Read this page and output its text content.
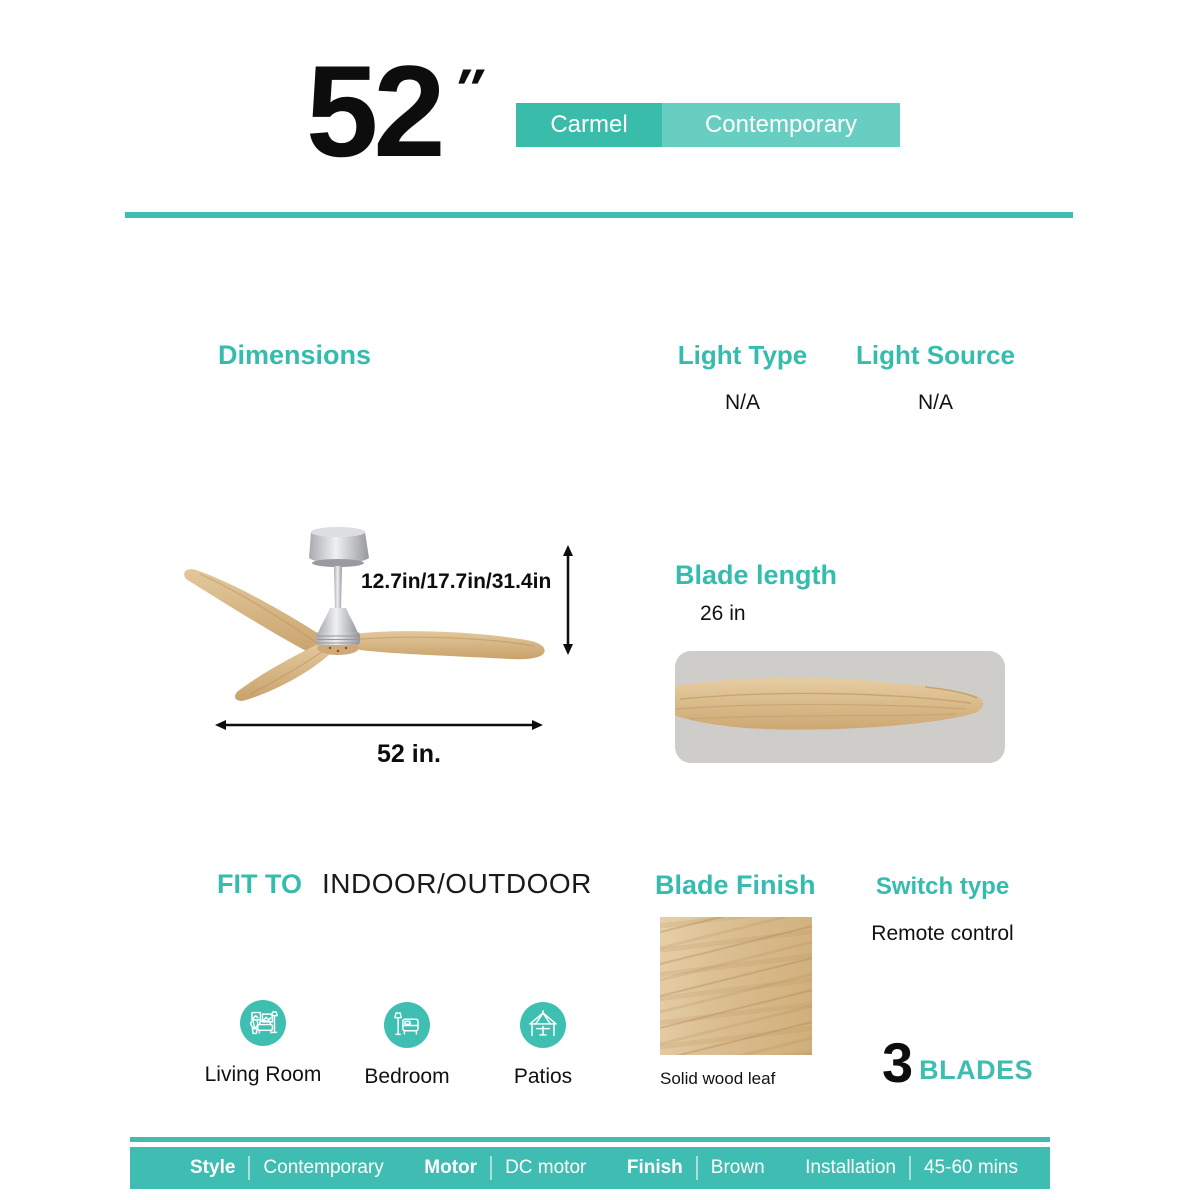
52 ″
Carmel	Contemporary
Dimensions	Light Type
N/A
Light Source
N/A
12.7in/17.7in/31.4in
52 in.
Blade length
26 in
FIT TO INDOOR/OUTDOOR
Living Room Bedroom	Patios
Blade Finish
Solid wood leaf
Switch type
Remote control
3 BLADES
Style Contemporary Motor DC motor Finish Brown Installation 45-60 mins
